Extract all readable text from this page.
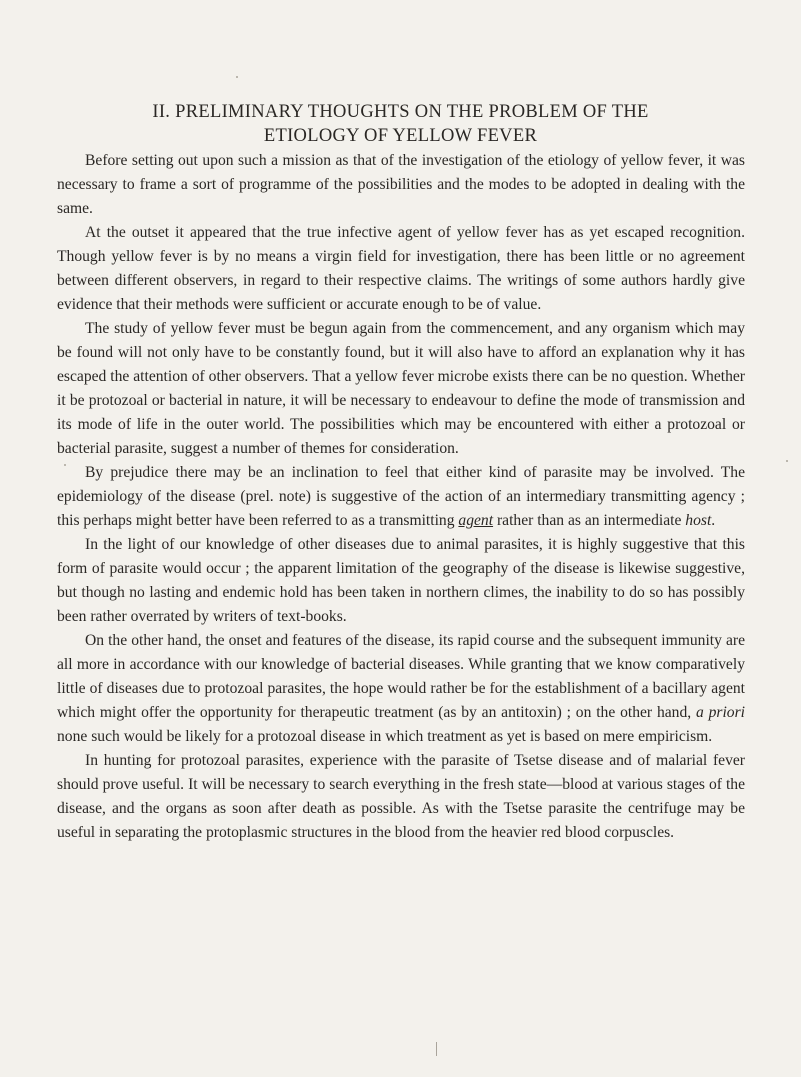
II. PRELIMINARY THOUGHTS ON THE PROBLEM OF THE
ETIOLOGY OF YELLOW FEVER

Before setting out upon such a mission as that of the investigation of the etiology of yellow fever, it was necessary to frame a sort of programme of the possibilities and the modes to be adopted in dealing with the same.

At the outset it appeared that the true infective agent of yellow fever has as yet escaped recognition. Though yellow fever is by no means a virgin field for investigation, there has been little or no agreement between different observers, in regard to their respective claims. The writings of some authors hardly give evidence that their methods were sufficient or accurate enough to be of value.

The study of yellow fever must be begun again from the commencement, and any organism which may be found will not only have to be constantly found, but it will also have to afford an explanation why it has escaped the attention of other observers. That a yellow fever microbe exists there can be no question. Whether it be protozoal or bacterial in nature, it will be necessary to endeavour to define the mode of transmission and its mode of life in the outer world. The possibilities which may be encountered with either a protozoal or bacterial parasite, suggest a number of themes for consideration.

By prejudice there may be an inclination to feel that either kind of parasite may be involved. The epidemiology of the disease (prel. note) is suggestive of the action of an intermediary transmitting agency ; this perhaps might better have been referred to as a transmitting agent rather than as an intermediate host.

In the light of our knowledge of other diseases due to animal parasites, it is highly suggestive that this form of parasite would occur ; the apparent limitation of the geography of the disease is likewise suggestive, but though no lasting and endemic hold has been taken in northern climes, the inability to do so has possibly been rather overrated by writers of text-books.

On the other hand, the onset and features of the disease, its rapid course and the subsequent immunity are all more in accordance with our knowledge of bacterial diseases. While granting that we know comparatively little of diseases due to protozoal parasites, the hope would rather be for the establishment of a bacillary agent which might offer the opportunity for therapeutic treatment (as by an antitoxin) ; on the other hand, a priori none such would be likely for a protozoal disease in which treatment as yet is based on mere empiricism.

In hunting for protozoal parasites, experience with the parasite of Tsetse disease and of malarial fever should prove useful. It will be necessary to search everything in the fresh state—blood at various stages of the disease, and the organs as soon after death as possible. As with the Tsetse parasite the centrifuge may be useful in separating the protoplasmic structures in the blood from the heavier red blood corpuscles.
